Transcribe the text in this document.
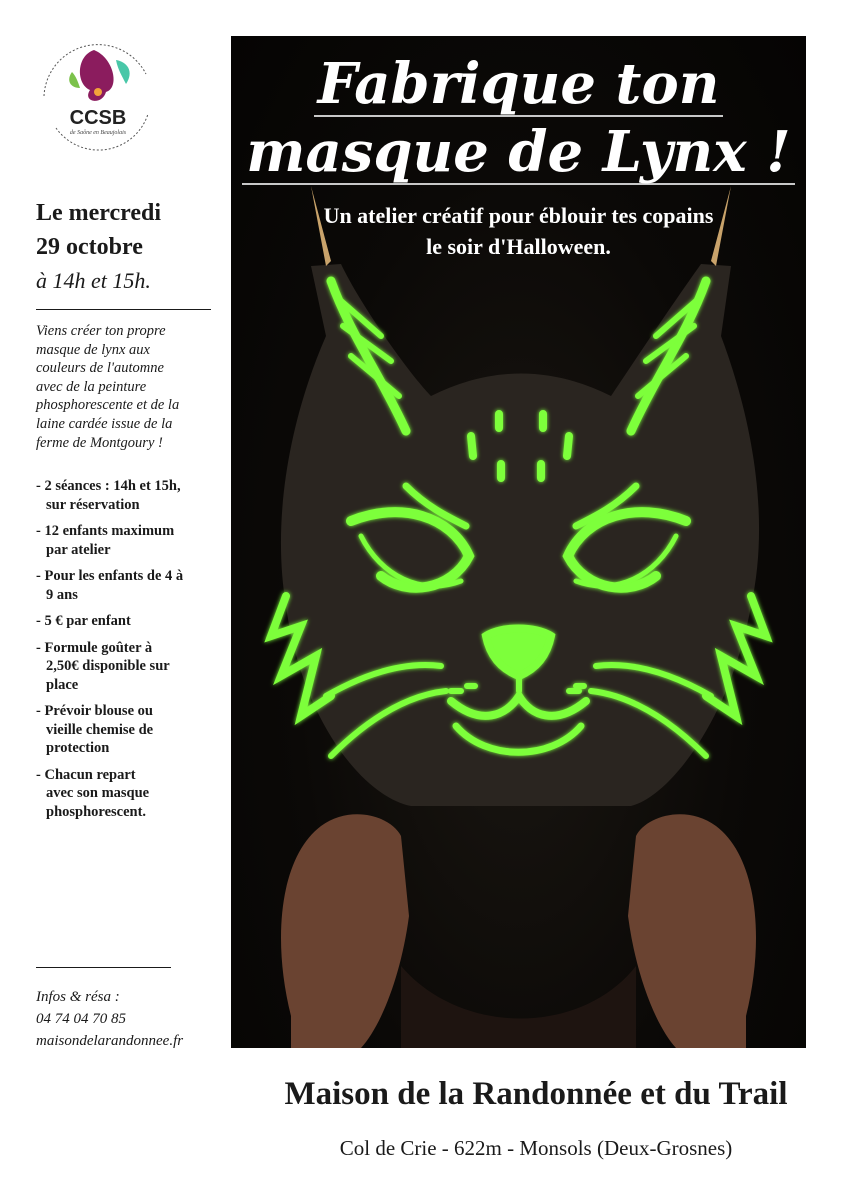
CCSB
de Saône en Beaujolais
Le mercredi
29 octobre
à 14h et 15h.
Viens créer ton propre
masque de lynx aux
couleurs de l'automne
avec de la peinture
phosphorescente et de la
laine cardée issue de la
ferme de Montgoury !
- 2 séances : 14h et 15h,
sur réservation
- 12 enfants maximum
par atelier
- Pour les enfants de 4 à
9 ans
- 5 € par enfant
- Formule goûter à
2,50€ disponible sur
place
- Prévoir blouse ou
vieille chemise de
protection
- Chacun repart
avec son masque
phosphorescent.
Infos & résa :
04 74 04 70 85
maisondelarandonnee.fr
Fabrique ton
masque de Lynx !
Un atelier créatif pour éblouir tes copains
le soir d'Halloween.
Maison de la Randonnée et du Trail
Col de Crie - 622m - Monsols (Deux-Grosnes)
